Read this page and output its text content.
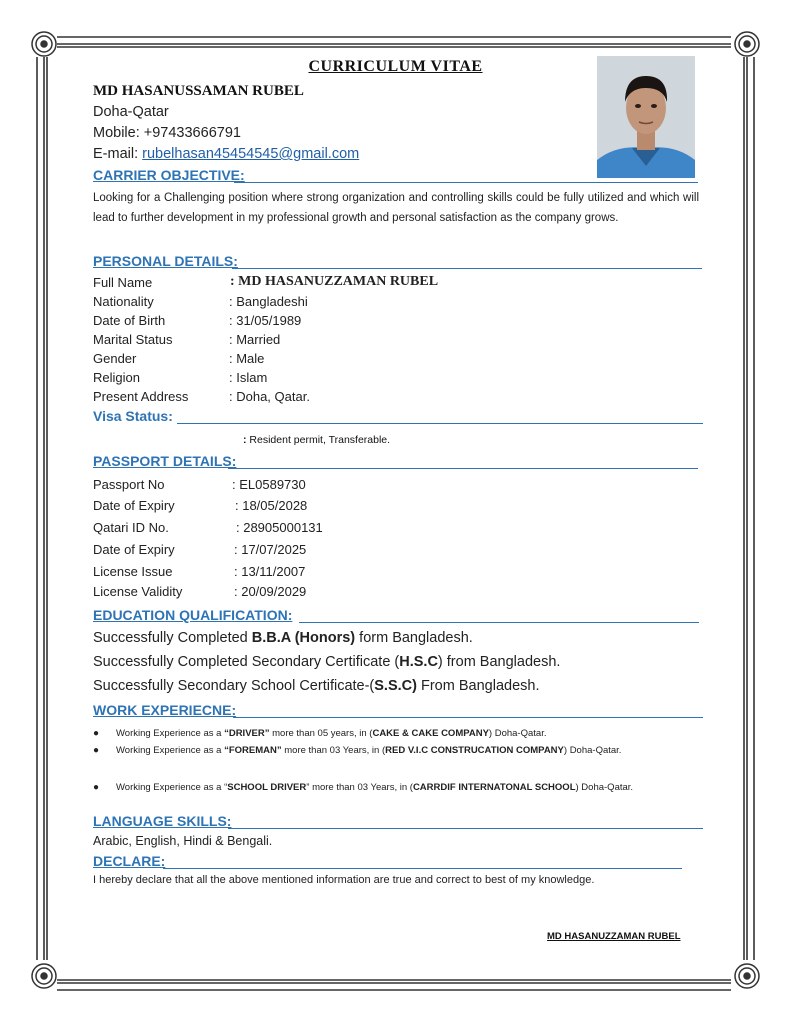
CURRICULUM VITAE
MD HASANUSSAMAN RUBEL
Doha-Qatar
Mobile: +97433666791
E-mail: rubelhasan45454545@gmail.com
CARRIER OBJECTIVE:
Looking for a Challenging position where strong organization and controlling skills could be fully utilized and which will lead to further development in my professional growth and personal satisfaction as the company grows.
PERSONAL DETAILS:
Full Name	: MD HASANUZZAMAN RUBEL
Nationality	: Bangladeshi
Date of Birth	: 31/05/1989
Marital Status	: Married
Gender	: Male
Religion	: Islam
Present Address	: Doha, Qatar.
Visa Status:
: Resident permit, Transferable.
PASSPORT DETAILS:
Passport No	: EL0589730
Date of Expiry	: 18/05/2028
Qatari ID No.	: 28905000131
Date of Expiry	: 17/07/2025
License Issue	: 13/11/2007
License Validity	: 20/09/2029
EDUCATION QUALIFICATION:
Successfully Completed B.B.A (Honors) form Bangladesh.
Successfully Completed Secondary Certificate (H.S.C) from Bangladesh.
Successfully Secondary School Certificate-(S.S.C) From Bangladesh.
WORK EXPERIECNE:
● Working Experience as a “DRIVER” more than 05 years, in (CAKE & CAKE COMPANY) Doha-Qatar.
● Working Experience as a “FOREMAN” more than 03 Years, in (RED V.I.C CONSTRUCATION COMPANY) Doha-Qatar.
● Working Experience as a “SCHOOL DRIVER” more than 03 Years, in (CARRDIF INTERNATONAL SCHOOL) Doha-Qatar.
LANGUAGE SKILLS:
Arabic, English, Hindi & Bengali.
DECLARE:
I hereby declare that all the above mentioned information are true and correct to best of my knowledge.
MD HASANUZZAMAN RUBEL
